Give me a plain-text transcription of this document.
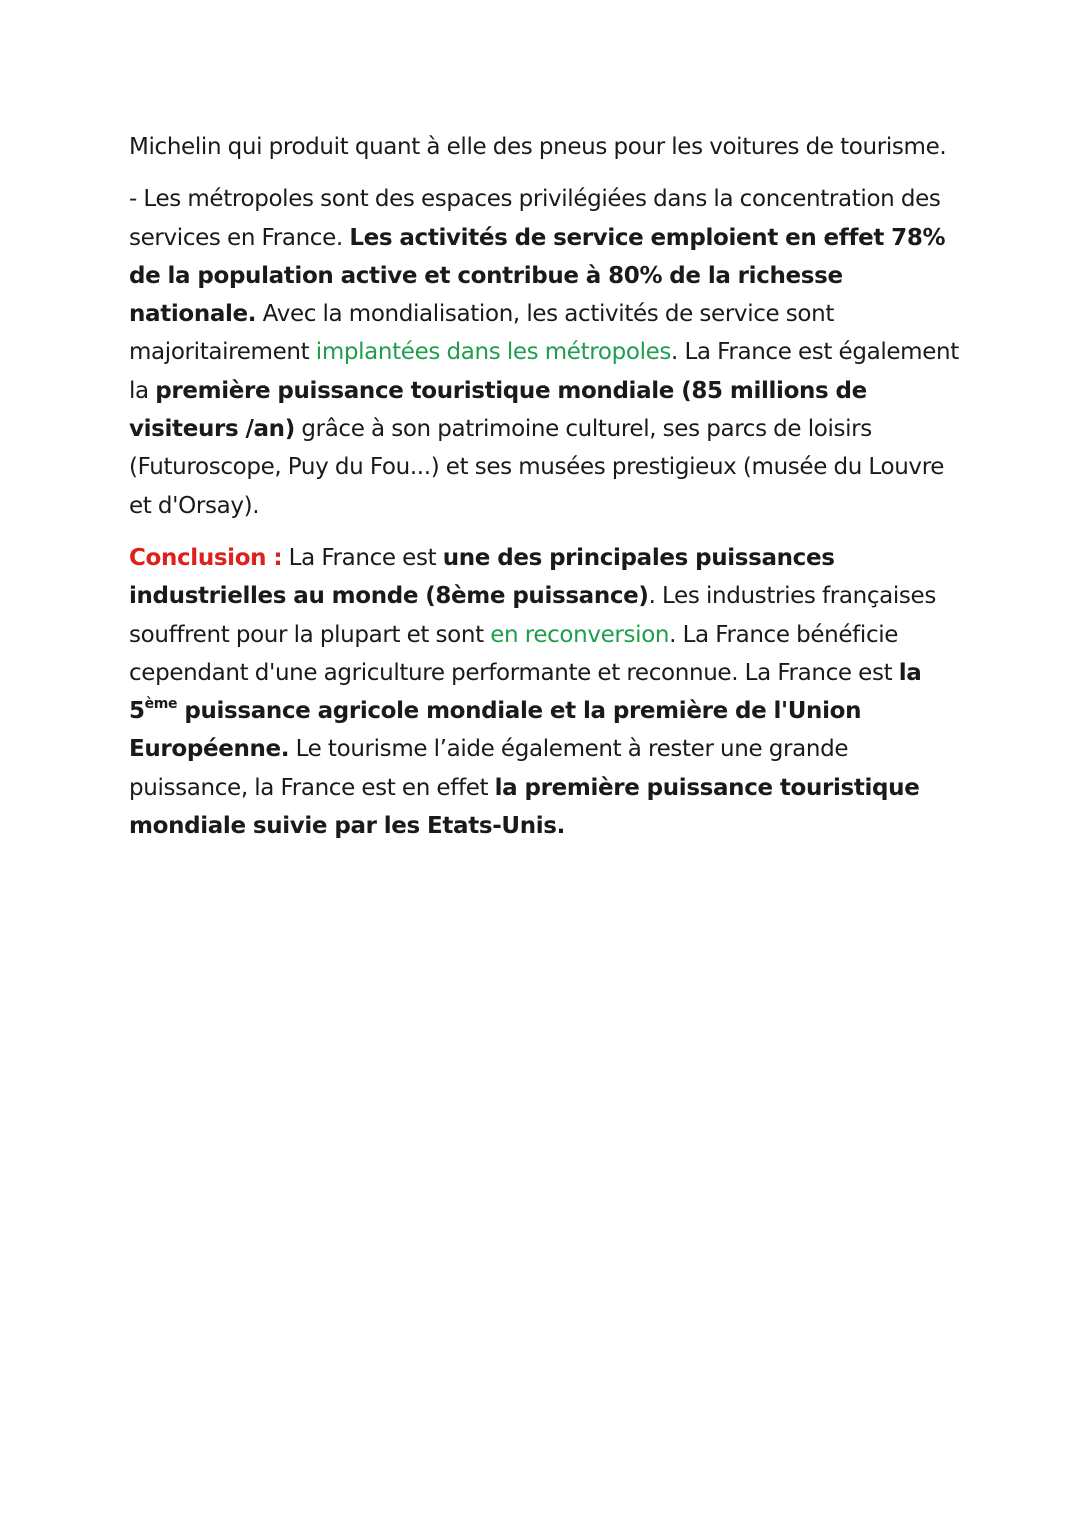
Michelin qui produit quant à elle des pneus pour les voitures de tourisme.

- Les métropoles sont des espaces privilégiées dans la concentration des services en France. Les activités de service emploient en effet 78% de la population active et contribue à 80% de la richesse nationale. Avec la mondialisation, les activités de service sont majoritairement implantées dans les métropoles. La France est également la première puissance touristique mondiale (85 millions de visiteurs /an) grâce à son patrimoine culturel, ses parcs de loisirs (Futuroscope, Puy du Fou...) et ses musées prestigieux (musée du Louvre et d'Orsay).

Conclusion : La France est une des principales puissances industrielles au monde (8ème puissance). Les industries françaises souffrent pour la plupart et sont en reconversion. La France bénéficie cependant d'une agriculture performante et reconnue. La France est la 5ème puissance agricole mondiale et la première de l'Union Européenne. Le tourisme l’aide également à rester une grande puissance, la France est en effet la première puissance touristique mondiale suivie par les Etats-Unis.
